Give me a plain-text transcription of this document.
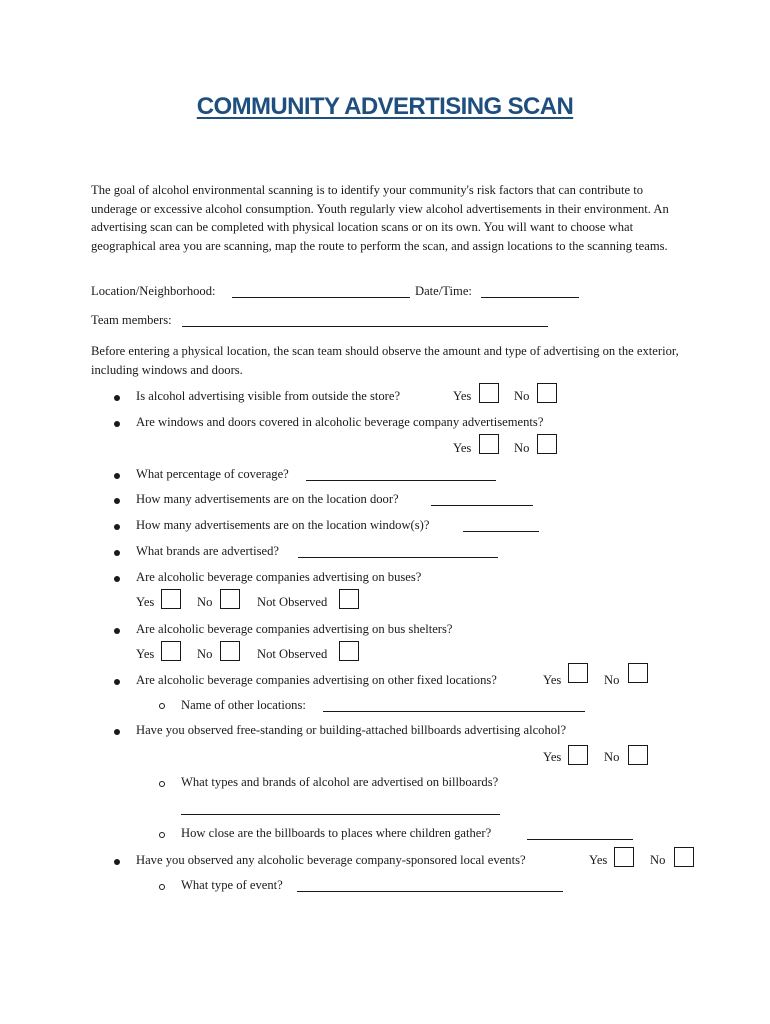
COMMUNITY ADVERTISING SCAN
The goal of alcohol environmental scanning is to identify your community's risk factors that can contribute to underage or excessive alcohol consumption. Youth regularly view alcohol advertisements in their environment. An advertising scan can be completed with physical location scans or on its own. You will want to choose what geographical area you are scanning, map the route to perform the scan, and assign locations to the scanning teams.
Location/Neighborhood:	Date/Time:
Team members:
Before entering a physical location, the scan team should observe the amount and type of advertising on the exterior, including windows and doors.
Is alcohol advertising visible from outside the store?	Yes	No
Are windows and doors covered in alcoholic beverage company advertisements?
Yes	No
What percentage of coverage?
How many advertisements are on the location door?
How many advertisements are on the location window(s)?
What brands are advertised?
Are alcoholic beverage companies advertising on buses?
Yes	No	Not Observed
Are alcoholic beverage companies advertising on bus shelters?
Yes	No	Not Observed
Are alcoholic beverage companies advertising on other fixed locations?	Yes	No
Name of other locations:
Have you observed free-standing or building-attached billboards advertising alcohol?
Yes	No
What types and brands of alcohol are advertised on billboards?
How close are the billboards to places where children gather?
Have you observed any alcoholic beverage company-sponsored local events?	Yes	No
What type of event?
